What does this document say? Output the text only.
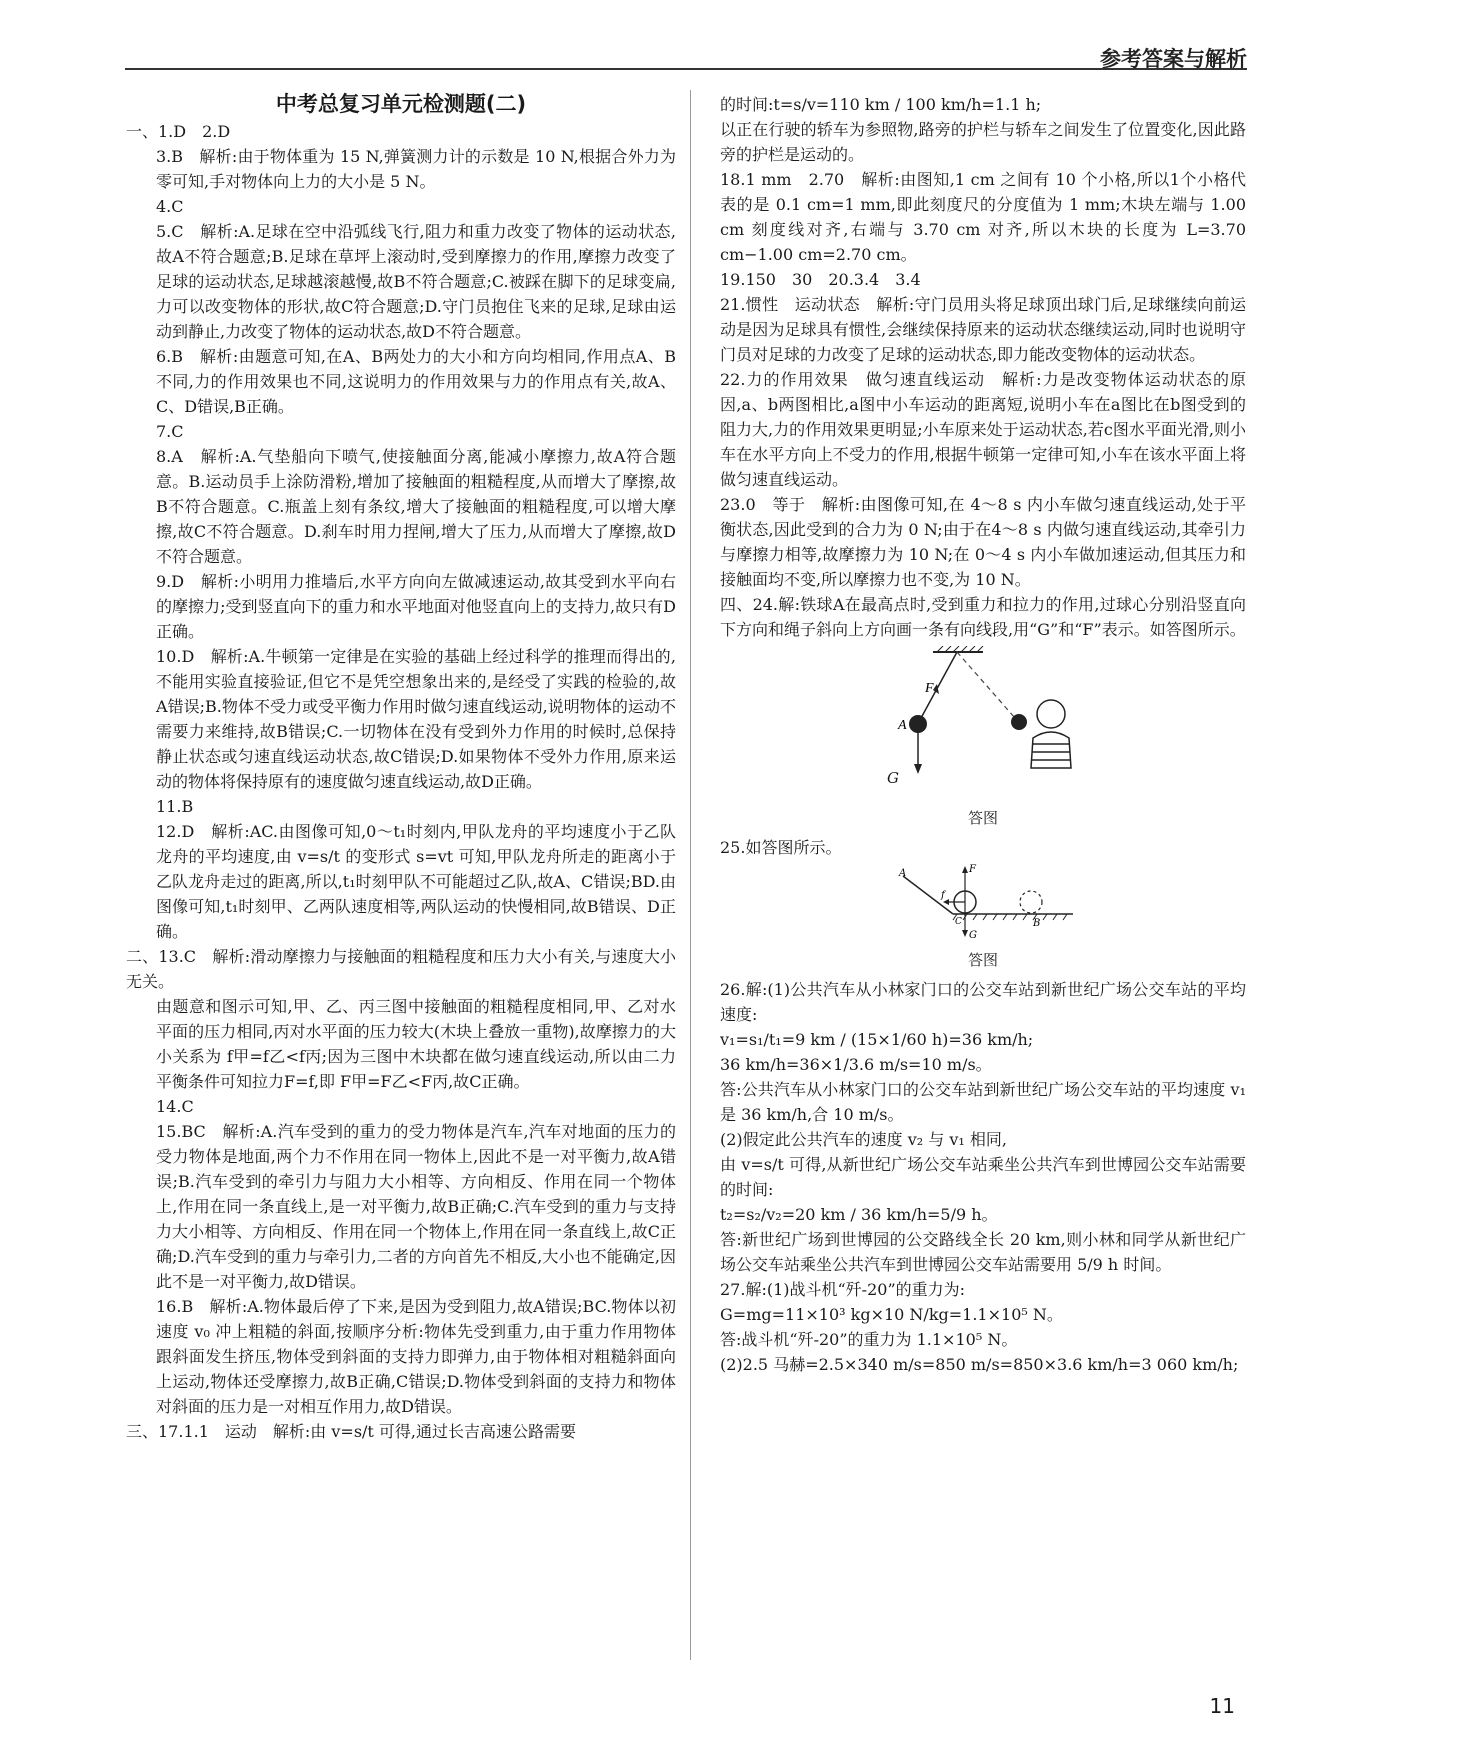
参考答案与解析
中考总复习单元检测题(二)
一、1.D　2.D
3.B　解析:由于物体重为 15 N,弹簧测力计的示数是 10 N,根据合外力为零可知,手对物体向上力的大小是 5 N。
4.C
5.C　解析:A.足球在空中沿弧线飞行,阻力和重力改变了物体的运动状态,故A不符合题意;B.足球在草坪上滚动时,受到摩擦力的作用,摩擦力改变了足球的运动状态,足球越滚越慢,故B不符合题意;C.被踩在脚下的足球变扁,力可以改变物体的形状,故C符合题意;D.守门员抱住飞来的足球,足球由运动到静止,力改变了物体的运动状态,故D不符合题意。
6.B　解析:由题意可知,在A、B两处力的大小和方向均相同,作用点A、B不同,力的作用效果也不同,这说明力的作用效果与力的作用点有关,故A、C、D错误,B正确。
7.C
8.A　解析:A.气垫船向下喷气,使接触面分离,能减小摩擦力,故A符合题意。B.运动员手上涂防滑粉,增加了接触面的粗糙程度,从而增大了摩擦,故B不符合题意。C.瓶盖上刻有条纹,增大了接触面的粗糙程度,可以增大摩擦,故C不符合题意。D.刹车时用力捏闸,增大了压力,从而增大了摩擦,故D不符合题意。
9.D　解析:小明用力推墙后,水平方向向左做减速运动,故其受到水平向右的摩擦力;受到竖直向下的重力和水平地面对他竖直向上的支持力,故只有D正确。
10.D　解析:A.牛顿第一定律是在实验的基础上经过科学的推理而得出的,不能用实验直接验证,但它不是凭空想象出来的,是经受了实践的检验的,故A错误;B.物体不受力或受平衡力作用时做匀速直线运动,说明物体的运动不需要力来维持,故B错误;C.一切物体在没有受到外力作用的时候时,总保持静止状态或匀速直线运动状态,故C错误;D.如果物体不受外力作用,原来运动的物体将保持原有的速度做匀速直线运动,故D正确。
11.B
12.D　解析:AC.由图像可知,0～t₁时刻内,甲队龙舟的平均速度小于乙队龙舟的平均速度,由 v=s/t 的变形式 s=vt 可知,甲队龙舟所走的距离小于乙队龙舟走过的距离,所以,t₁时刻甲队不可能超过乙队,故A、C错误;BD.由图像可知,t₁时刻甲、乙两队速度相等,两队运动的快慢相同,故B错误、D正确。
二、13.C　解析:滑动摩擦力与接触面的粗糙程度和压力大小有关,与速度大小无关。
由题意和图示可知,甲、乙、丙三图中接触面的粗糙程度相同,甲、乙对水平面的压力相同,丙对水平面的压力较大(木块上叠放一重物),故摩擦力的大小关系为 f甲=f乙<f丙;因为三图中木块都在做匀速直线运动,所以由二力平衡条件可知拉力F=f,即 F甲=F乙<F丙,故C正确。
14.C
15.BC　解析:A.汽车受到的重力的受力物体是汽车,汽车对地面的压力的受力物体是地面,两个力不作用在同一物体上,因此不是一对平衡力,故A错误;B.汽车受到的牵引力与阻力大小相等、方向相反、作用在同一个物体上,作用在同一条直线上,是一对平衡力,故B正确;C.汽车受到的重力与支持力大小相等、方向相反、作用在同一个物体上,作用在同一条直线上,故C正确;D.汽车受到的重力与牵引力,二者的方向首先不相反,大小也不能确定,因此不是一对平衡力,故D错误。
16.B　解析:A.物体最后停了下来,是因为受到阻力,故A错误;BC.物体以初速度 v₀ 冲上粗糙的斜面,按顺序分析:物体先受到重力,由于重力作用物体跟斜面发生挤压,物体受到斜面的支持力即弹力,由于物体相对粗糙斜面向上运动,物体还受摩擦力,故B正确,C错误;D.物体受到斜面的支持力和物体对斜面的压力是一对相互作用力,故D错误。
三、17.1.1　运动　解析:由 v=s/t 可得,通过长吉高速公路需要
的时间:t=s/v=110 km / 100 km/h=1.1 h;
以正在行驶的轿车为参照物,路旁的护栏与轿车之间发生了位置变化,因此路旁的护栏是运动的。
18.1 mm　2.70　解析:由图知,1 cm 之间有 10 个小格,所以1个小格代表的是 0.1 cm=1 mm,即此刻度尺的分度值为 1 mm;木块左端与 1.00 cm 刻度线对齐,右端与 3.70 cm 对齐,所以木块的长度为 L=3.70 cm−1.00 cm=2.70 cm。
19.150　30　20.3.4　3.4
21.惯性　运动状态　解析:守门员用头将足球顶出球门后,足球继续向前运动是因为足球具有惯性,会继续保持原来的运动状态继续运动,同时也说明守门员对足球的力改变了足球的运动状态,即力能改变物体的运动状态。
22.力的作用效果　做匀速直线运动　解析:力是改变物体运动状态的原因,a、b两图相比,a图中小车运动的距离短,说明小车在a图比在b图受到的阻力大,力的作用效果更明显;小车原来处于运动状态,若c图水平面光滑,则小车在水平方向上不受力的作用,根据牛顿第一定律可知,小车在该水平面上将做匀速直线运动。
23.0　等于　解析:由图像可知,在 4～8 s 内小车做匀速直线运动,处于平衡状态,因此受到的合力为 0 N;由于在4～8 s 内做匀速直线运动,其牵引力与摩擦力相等,故摩擦力为 10 N;在 0～4 s 内小车做加速运动,但其压力和接触面均不变,所以摩擦力也不变,为 10 N。
四、24.解:铁球A在最高点时,受到重力和拉力的作用,过球心分别沿竖直向下方向和绳子斜向上方向画一条有向线段,用“G”和“F”表示。如答图所示。
F
A
G
答图
25.如答图所示。
A
B
C
F
f
G
答图
26.解:(1)公共汽车从小林家门口的公交车站到新世纪广场公交车站的平均速度:
v₁=s₁/t₁=9 km / (15×1/60 h)=36 km/h;
36 km/h=36×1/3.6 m/s=10 m/s。
答:公共汽车从小林家门口的公交车站到新世纪广场公交车站的平均速度 v₁ 是 36 km/h,合 10 m/s。
(2)假定此公共汽车的速度 v₂ 与 v₁ 相同,
由 v=s/t 可得,从新世纪广场公交车站乘坐公共汽车到世博园公交车站需要的时间:
t₂=s₂/v₂=20 km / 36 km/h=5/9 h。
答:新世纪广场到世博园的公交路线全长 20 km,则小林和同学从新世纪广场公交车站乘坐公共汽车到世博园公交车站需要用 5/9 h 时间。
27.解:(1)战斗机“歼-20”的重力为:
G=mg=11×10³ kg×10 N/kg=1.1×10⁵ N。
答:战斗机“歼-20”的重力为 1.1×10⁵ N。
(2)2.5 马赫=2.5×340 m/s=850 m/s=850×3.6 km/h=3 060 km/h;
11
